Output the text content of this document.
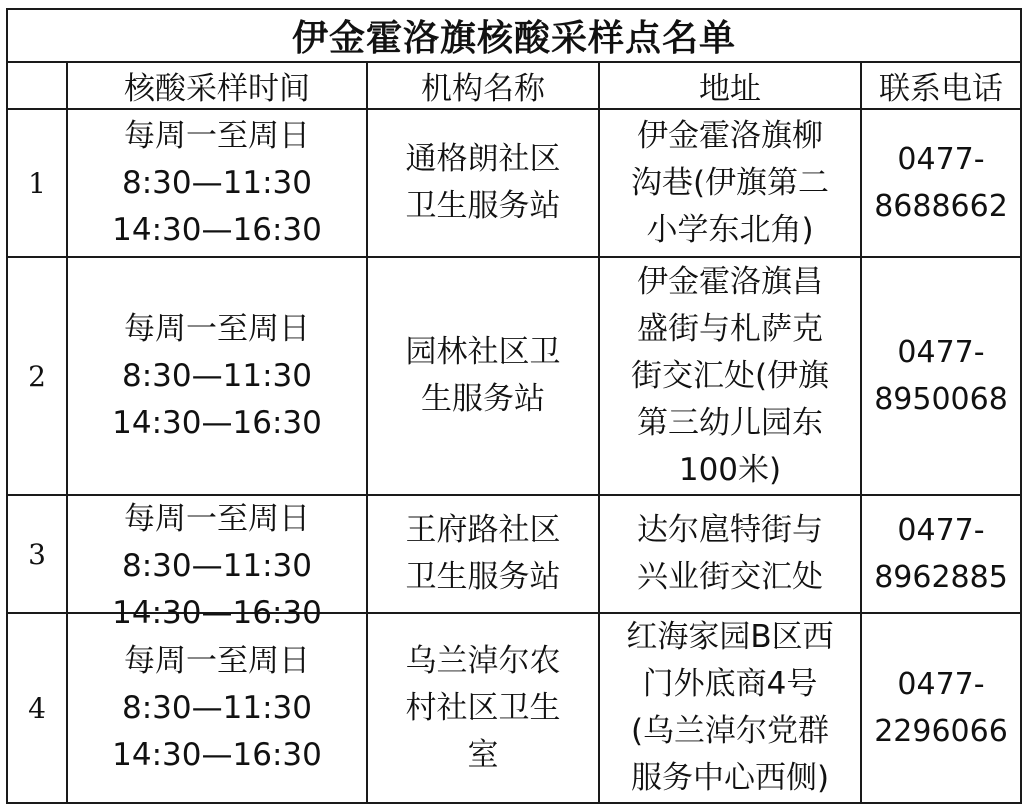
伊金霍洛旗核酸采样点名单				
	核酸采样时间	机构名称	地址	联系电话
1	每周一至周日
8:30—11:30
14:30—16:30	通格朗社区
卫生服务站	伊金霍洛旗柳
沟巷(伊旗第二
小学东北角)	0477-
8688662

2	每周一至周日
8:30—11:30
14:30—16:30	园林社区卫
生服务站	伊金霍洛旗昌
盛街与札萨克
街交汇处(伊旗
第三幼儿园东
100米)	0477-
8950068

3	每周一至周日
8:30—11:30
14:30—16:30	王府路社区
卫生服务站	达尔扈特街与
兴业街交汇处	0477-
8962885

4	每周一至周日
8:30—11:30
14:30—16:30	乌兰淖尔农
村社区卫生
室	红海家园B区西
门外底商4号
(乌兰淖尔党群
服务中心西侧)	0477-
2296066
